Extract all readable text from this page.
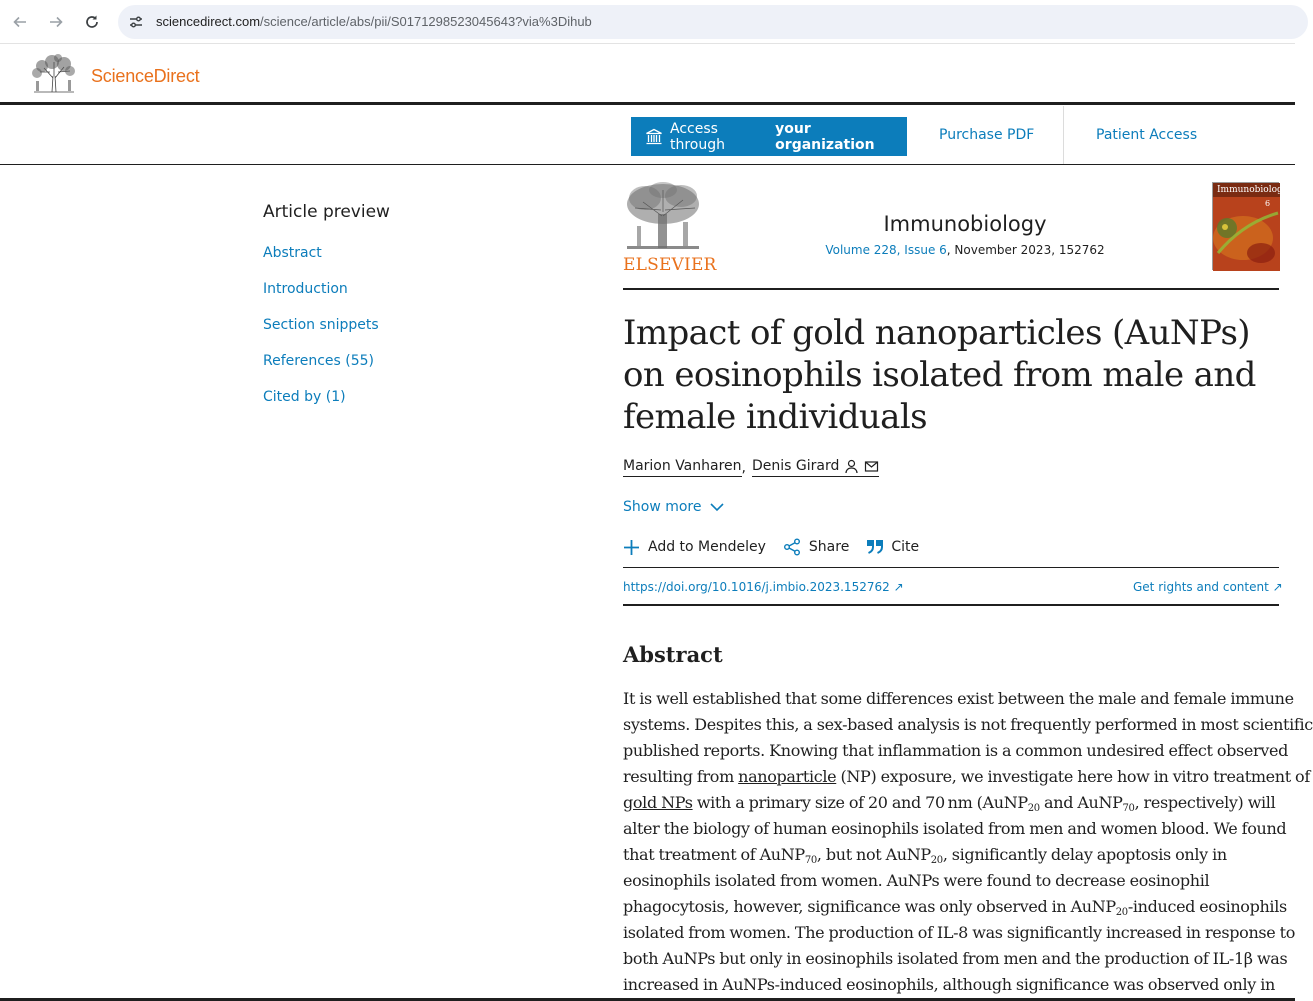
sciencedirect.com/science/article/abs/pii/S0171298523045643?via%3Dihub
ScienceDirect
Access through
your organization
Purchase PDF	Patient Access
Article preview
Abstract
Introduction
Section snippets
References (55)
Cited by (1)
ELSEVIER
Immunobiology
Volume 228, Issue 6, November 2023, 152762
Immunobiology
6
Impact of gold nanoparticles (AuNPs) on eosinophils isolated from male and female individuals
Marion Vanharen , Denis Girard
Show more
Add to Mendeley	Share	Cite
https://doi.org/10.1016/j.imbio.2023.152762 ↗	Get rights and content ↗
Abstract
It is well established that some differences exist between the male and female immune
systems. Despites this, a sex-based analysis is not frequently performed in most scientific
published reports. Knowing that inflammation is a common undesired effect observed
resulting from nanoparticle (NP) exposure, we investigate here how in vitro treatment of
gold NPs with a primary size of 20 and 70 nm (AuNP$_{20}$ and AuNP$_{70}$, respectively) will
alter the biology of human eosinophils isolated from men and women blood. We found
that treatment of AuNP$_{70}$, but not AuNP$_{20}$, significantly delay apoptosis only in
eosinophils isolated from women. AuNPs were found to decrease eosinophil
phagocytosis, however, significance was only observed in AuNP$_{20}$-induced eosinophils
isolated from women. The production of IL-8 was significantly increased in response to
both AuNPs but only in eosinophils isolated from men and the production of IL-1β was
increased in AuNPs-induced eosinophils, although significance was observed only in
